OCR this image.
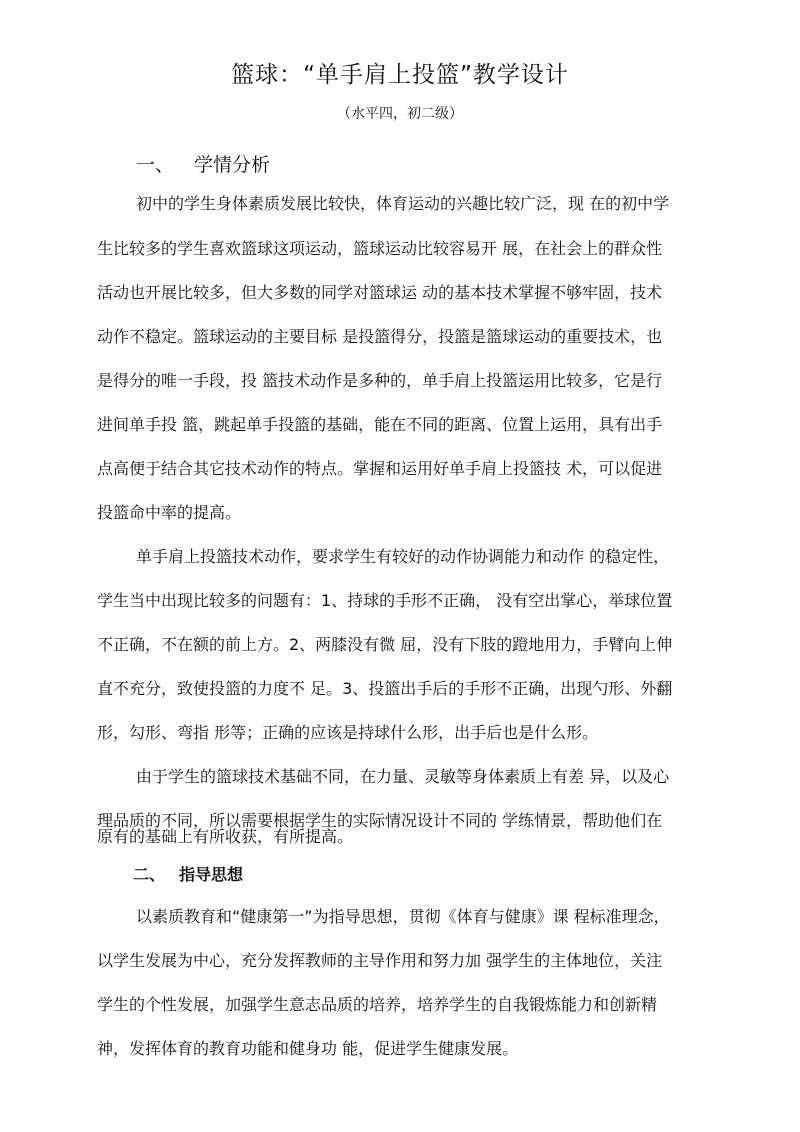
篮球：“单手肩上投篮”教学设计
（水平四，初二级）
一、 学情分析
初中的学生身体素质发展比较快，体育运动的兴趣比较广泛，现 在的初中学
生比较多的学生喜欢篮球这项运动，篮球运动比较容易开 展，在社会上的群众性
活动也开展比较多，但大多数的同学对篮球运 动的基本技术掌握不够牢固，技术
动作不稳定。篮球运动的主要目标 是投篮得分，投篮是篮球运动的重要技术，也
是得分的唯一手段，投 篮技术动作是多种的，单手肩上投篮运用比较多，它是行
进间单手投 篮，跳起单手投篮的基础，能在不同的距离、位置上运用，具有出手
点高便于结合其它技术动作的特点。掌握和运用好单手肩上投篮技 术，可以促进
投篮命中率的提高。
单手肩上投篮技术动作，要求学生有较好的动作协调能力和动作 的稳定性，
学生当中出现比较多的问题有：1、持球的手形不正确， 没有空出掌心，举球位置
不正确，不在额的前上方。2、两膝没有微 屈，没有下肢的蹬地用力，手臂向上伸
直不充分，致使投篮的力度不 足。3、投篮出手后的手形不正确，出现勺形、外翻
形，勾形、弯指 形等；正确的应该是持球什么形，出手后也是什么形。
由于学生的篮球技术基础不同，在力量、灵敏等身体素质上有差 异，以及心
理品质的不同，所以需要根据学生的实际情况设计不同的 学练情景，帮助他们在
原有的基础上有所收获，有所提高。
二、 指导思想
以素质教育和“健康第一”为指导思想，贯彻《体育与健康》课 程标准理念，
以学生发展为中心，充分发挥教师的主导作用和努力加 强学生的主体地位，关注
学生的个性发展，加强学生意志品质的培养，培养学生的自我锻炼能力和创新精
神，发挥体育的教育功能和健身功 能，促进学生健康发展。
